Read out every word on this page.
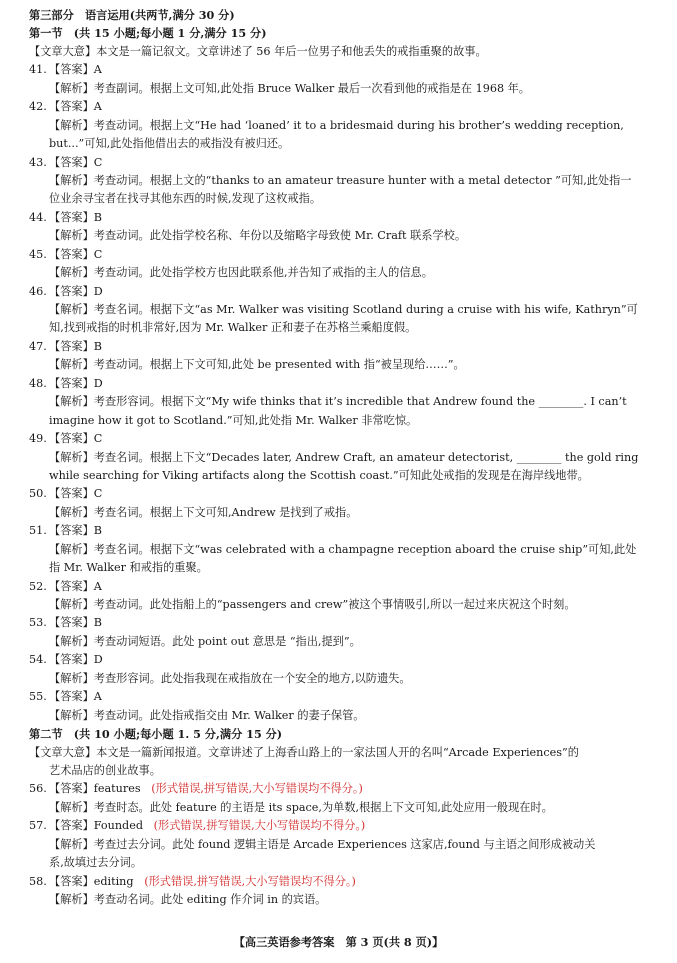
第三部分　语言运用(共两节,满分 30 分)
第一节　(共 15 小题;每小题 1 分,满分 15 分)
【文章大意】本文是一篇记叙文。文章讲述了 56 年后一位男子和他丢失的戒指重聚的故事。
41. 【答案】A
【解析】考查副词。根据上文可知,此处指 Bruce Walker 最后一次看到他的戒指是在 1968 年。
42. 【答案】A
【解析】考查动词。根据上文“He had ‘loaned’ it to a bridesmaid during his brother’s wedding reception,
but...”可知,此处指他借出去的戒指没有被归还。
43. 【答案】C
【解析】考查动词。根据上文的“thanks to an amateur treasure hunter with a metal detector ”可知,此处指一
位业余寻宝者在找寻其他东西的时候,发现了这枚戒指。
44. 【答案】B
【解析】考查动词。此处指学校名称、年份以及缩略字母致使 Mr. Craft 联系学校。
45. 【答案】C
【解析】考查动词。此处指学校方也因此联系他,并告知了戒指的主人的信息。
46. 【答案】D
【解析】考查名词。根据下文“as Mr. Walker was visiting Scotland during a cruise with his wife, Kathryn”可
知,找到戒指的时机非常好,因为 Mr. Walker 正和妻子在苏格兰乘船度假。
47. 【答案】B
【解析】考查动词。根据上下文可知,此处 be presented with 指“被呈现给……”。
48. 【答案】D
【解析】考查形容词。根据下文“My wife thinks that it’s incredible that Andrew found the ________. I can’t
imagine how it got to Scotland.”可知,此处指 Mr. Walker 非常吃惊。
49. 【答案】C
【解析】考查名词。根据上下文“Decades later, Andrew Craft, an amateur detectorist, ________ the gold ring
while searching for Viking artifacts along the Scottish coast.”可知此处戒指的发现是在海岸线地带。
50. 【答案】C
【解析】考查名词。根据上下文可知,Andrew 是找到了戒指。
51. 【答案】B
【解析】考查名词。根据下文“was celebrated with a champagne reception aboard the cruise ship”可知,此处
指 Mr. Walker 和戒指的重聚。
52. 【答案】A
【解析】考查动词。此处指船上的“passengers and crew”被这个事情吸引,所以一起过来庆祝这个时刻。
53. 【答案】B
【解析】考查动词短语。此处 point out 意思是 “指出,提到”。
54. 【答案】D
【解析】考查形容词。此处指我现在戒指放在一个安全的地方,以防遗失。
55. 【答案】A
【解析】考查动词。此处指戒指交由 Mr. Walker 的妻子保管。
第二节　(共 10 小题;每小题 1. 5 分,满分 15 分)
【文章大意】本文是一篇新闻报道。文章讲述了上海香山路上的一家法国人开的名叫“Arcade Experiences”的
艺术品店的创业故事。
56. 【答案】features (形式错误,拼写错误,大小写错误均不得分。)
【解析】考查时态。此处 feature 的主语是 its space,为单数,根据上下文可知,此处应用一般现在时。
57. 【答案】Founded (形式错误,拼写错误,大小写错误均不得分。)
【解析】考查过去分词。此处 found 逻辑主语是 Arcade Experiences 这家店,found 与主语之间形成被动关
系,故填过去分词。
58. 【答案】editing (形式错误,拼写错误,大小写错误均不得分。)
【解析】考查动名词。此处 editing 作介词 in 的宾语。
【高三英语参考答案　第 3 页(共 8 页)】
